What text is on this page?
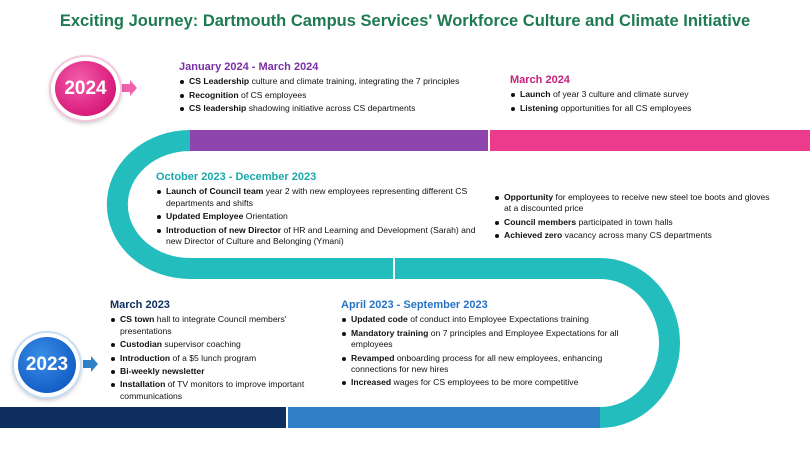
Exciting Journey: Dartmouth Campus Services' Workforce Culture and Climate Initiative
2024
2023
January 2024 - March 2024
CS Leadership culture and climate training, integrating the 7 principles
Recognition of CS employees
CS leadership shadowing initiative across CS departments
March 2024
Launch of year 3 culture and climate survey
Listening opportunities for all CS employees
October 2023 - December 2023
Launch of Council team year 2 with new employees representing different CS departments and shifts
Updated Employee Orientation
Introduction of new Director of HR and Learning and Development (Sarah) and new Director of Culture and Belonging (Ymani)
Opportunity for employees to receive new steel toe boots and gloves at a discounted price
Council members participated in town halls
Achieved zero vacancy across many CS departments
March 2023
CS town hall to integrate Council members' presentations
Custodian supervisor coaching
Introduction of a $5 lunch program
Bi-weekly newsletter
Installation of TV monitors to improve important communications
April 2023 - September 2023
Updated code of conduct into Employee Expectations training
Mandatory training on 7 principles and Employee Expectations for all employees
Revamped onboarding process for all new employees, enhancing connections for new hires
Increased wages for CS employees to be more competitive
